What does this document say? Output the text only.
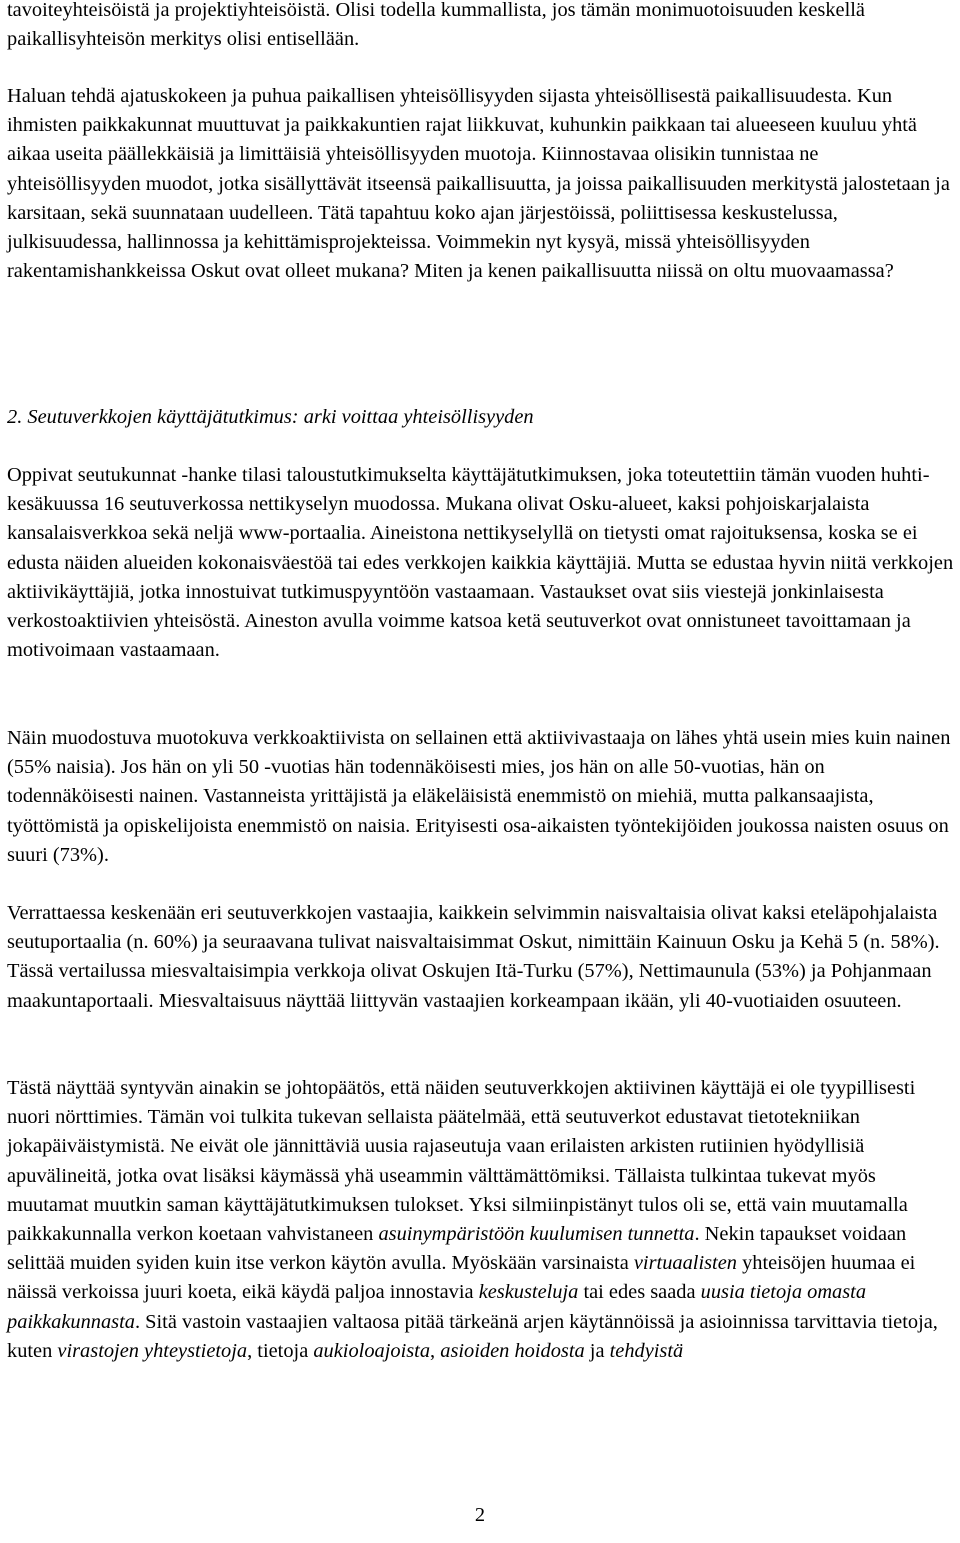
tavoiteyhteisöistä ja projektiyhteisöistä. Olisi todella kummallista, jos tämän monimuotoisuuden keskellä paikallisyhteisön merkitys olisi entisellään.

Haluan tehdä ajatuskokeen ja puhua paikallisen yhteisöllisyyden sijasta yhteisöllisestä paikallisuudesta. Kun ihmisten paikkakunnat muuttuvat ja paikkakuntien rajat liikkuvat, kuhunkin paikkaan tai alueeseen kuuluu yhtä aikaa useita päällekkäisiä ja limittäisiä yhteisöllisyyden muotoja. Kiinnostavaa olisikin tunnistaa ne yhteisöllisyyden muodot, jotka sisällyttävät itseensä paikallisuutta, ja joissa paikallisuuden merkitystä jalostetaan ja karsitaan, sekä suunnataan uudelleen. Tätä tapahtuu koko ajan järjestöissä, poliittisessa keskustelussa, julkisuudessa, hallinnossa ja kehittämisprojekteissa. Voimmekin nyt kysyä, missä yhteisöllisyyden rakentamishankkeissa Oskut ovat olleet mukana? Miten ja kenen paikallisuutta niissä on oltu muovaamassa?

2. Seutuverkkojen käyttäjätutkimus: arki voittaa yhteisöllisyyden

Oppivat seutukunnat -hanke tilasi taloustutkimukselta käyttäjätutkimuksen, joka toteutettiin tämän vuoden huhti-kesäkuussa 16 seutuverkossa nettikyselyn muodossa. Mukana olivat Osku-alueet, kaksi pohjoiskarjalaista kansalaisverkkoa sekä neljä www-portaalia. Aineistona nettikyselyllä on tietysti omat rajoituksensa, koska se ei edusta näiden alueiden kokonaisväestöä tai edes verkkojen kaikkia käyttäjiä. Mutta se edustaa hyvin niitä verkkojen aktiivikäyttäjiä, jotka innostuivat tutkimuspyyntöön vastaamaan. Vastaukset ovat siis viestejä jonkinlaisesta verkostoaktiivien yhteisöstä. Aineston avulla voimme katsoa ketä seutuverkot ovat onnistuneet tavoittamaan ja motivoimaan vastaamaan.

Näin muodostuva muotokuva verkkoaktiivista on sellainen että aktiivivastaaja on lähes yhtä usein mies kuin nainen (55% naisia). Jos hän on yli 50 -vuotias hän todennäköisesti mies, jos hän on alle 50-vuotias, hän on todennäköisesti nainen. Vastanneista yrittäjistä ja eläkeläisistä enemmistö on miehiä, mutta palkansaajista, työttömistä ja opiskelijoista enemmistö on naisia. Erityisesti osa-aikaisten työntekijöiden joukossa naisten osuus on suuri (73%).

Verrattaessa keskenään eri seutuverkkojen vastaajia, kaikkein selvimmin naisvaltaisia olivat kaksi eteläpohjalaista seutuportaalia (n. 60%) ja seuraavana tulivat naisvaltaisimmat Oskut, nimittäin Kainuun Osku ja Kehä 5 (n. 58%). Tässä vertailussa miesvaltaisimpia verkkoja olivat Oskujen Itä-Turku (57%), Nettimaunula (53%) ja Pohjanmaan maakuntaportaali. Miesvaltaisuus näyttää liittyvän vastaajien korkeampaan ikään, yli 40-vuotiaiden osuuteen.

Tästä näyttää syntyvän ainakin se johtopäätös, että näiden seutuverkkojen aktiivinen käyttäjä ei ole tyypillisesti nuori nörttimies. Tämän voi tulkita tukevan sellaista päätelmää, että seutuverkot edustavat tietotekniikan jokapäiväistymistä. Ne eivät ole jännittäviä uusia rajaseutuja vaan erilaisten arkisten rutiinien hyödyllisiä apuvälineitä, jotka ovat lisäksi käymässä yhä useammin välttämättömiksi. Tällaista tulkintaa tukevat myös muutamat muutkin saman käyttäjätutkimuksen tulokset. Yksi silmiinpistänyt tulos oli se, että vain muutamalla paikkakunnalla verkon koetaan vahvistaneen asuinympäristöön kuulumisen tunnetta. Nekin tapaukset voidaan selittää muiden syiden kuin itse verkon käytön avulla. Myöskään varsinaista virtuaalisten yhteisöjen huumaa ei näissä verkoissa juuri koeta, eikä käydä paljoa innostavia keskusteluja tai edes saada uusia tietoja omasta paikkakunnasta. Sitä vastoin vastaajien valtaosa pitää tärkeänä arjen käytännöissä ja asioinnissa tarvittavia tietoja, kuten virastojen yhteystietoja, tietoja aukioloajoista, asioiden hoidosta ja tehdyistä

2
